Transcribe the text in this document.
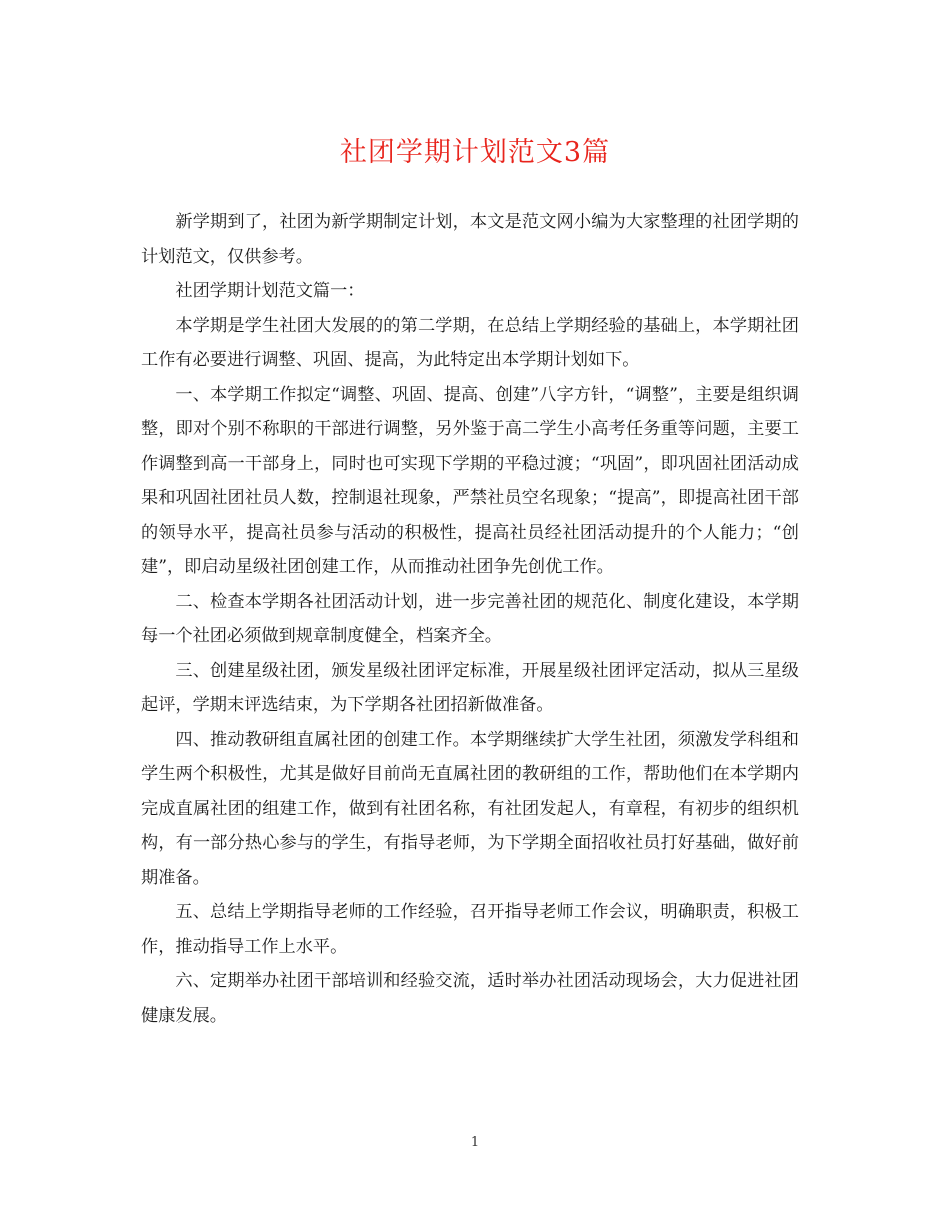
社团学期计划范文3篇

新学期到了，社团为新学期制定计划，本文是范文网小编为大家整理的社团学期的计划范文，仅供参考。

社团学期计划范文篇一：

本学期是学生社团大发展的的第二学期，在总结上学期经验的基础上，本学期社团工作有必要进行调整、巩固、提高，为此特定出本学期计划如下。

一、本学期工作拟定“调整、巩固、提高、创建”八字方针，“调整”，主要是组织调整，即对个别不称职的干部进行调整，另外鉴于高二学生小高考任务重等问题，主要工作调整到高一干部身上，同时也可实现下学期的平稳过渡；“巩固”，即巩固社团活动成果和巩固社团社员人数，控制退社现象，严禁社员空名现象；“提高”，即提高社团干部的领导水平，提高社员参与活动的积极性，提高社员经社团活动提升的个人能力；“创建”，即启动星级社团创建工作，从而推动社团争先创优工作。

二、检查本学期各社团活动计划，进一步完善社团的规范化、制度化建设，本学期每一个社团必须做到规章制度健全，档案齐全。

三、创建星级社团，颁发星级社团评定标准，开展星级社团评定活动，拟从三星级起评，学期末评选结束，为下学期各社团招新做准备。

四、推动教研组直属社团的创建工作。本学期继续扩大学生社团，须激发学科组和学生两个积极性，尤其是做好目前尚无直属社团的教研组的工作，帮助他们在本学期内完成直属社团的组建工作，做到有社团名称，有社团发起人，有章程，有初步的组织机构，有一部分热心参与的学生，有指导老师，为下学期全面招收社员打好基础，做好前期准备。

五、总结上学期指导老师的工作经验，召开指导老师工作会议，明确职责，积极工作，推动指导工作上水平。

六、定期举办社团干部培训和经验交流，适时举办社团活动现场会，大力促进社团健康发展。

1
